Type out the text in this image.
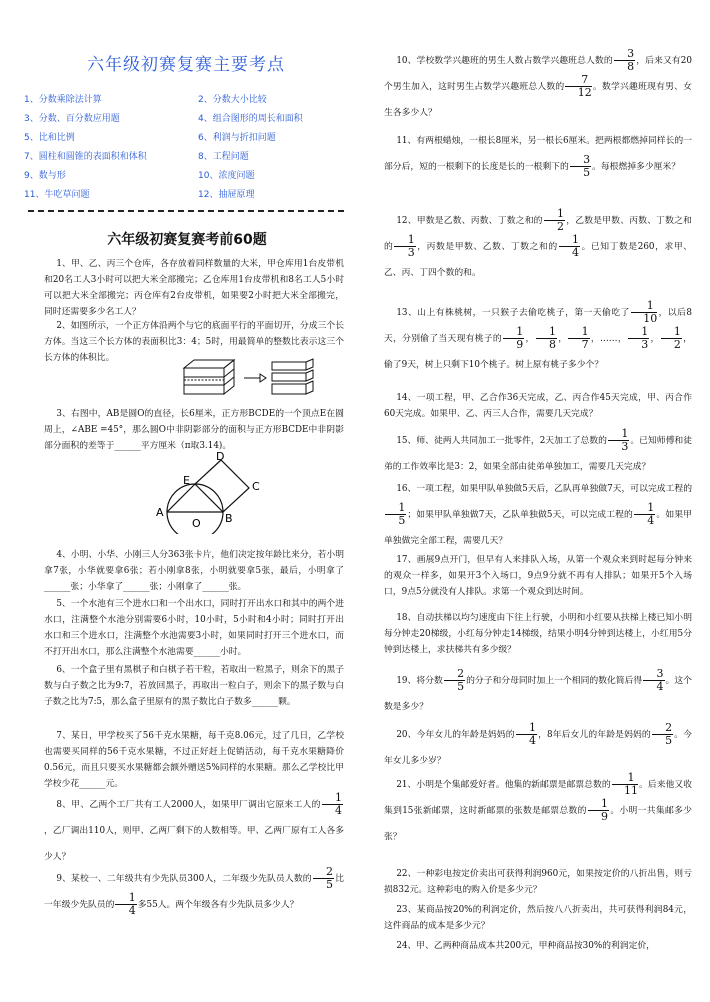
六年级初赛复赛主要考点
1、分数乘除法计算	2、分数大小比较
3、分数、百分数应用题	4、组合图形的周长和面积
5、比和比例	6、利润与折扣问题
7、圆柱和圆锥的表面积和体积	8、工程问题
9、数与形	10、浓度问题
11、牛吃草问题	12、抽屉原理
六年级初赛复赛考前60题
1、甲、乙、丙三个仓库，各存放着同样数量的大米，甲仓库用1台皮带机和20名工人3小时可以把大米全部搬完；乙仓库用1台皮带机和8名工人5小时可以把大米全部搬完；丙仓库有2台皮带机，如果要2小时把大米全部搬完，同时还需要多少名工人？
2、如图所示，一个正方体沿两个与它的底面平行的平面切开，分成三个长方体。当这三个长方体的表面积比3：4；5时，用最简单的整数比表示这三个长方体的体积比。
3、右图中，AB是圆O的直径，长6厘米，正方形BCDE的一个顶点E在圆周上，∠ABE =45°，那么圆O中非阴影部分的面积与正方形BCDE中非阴影部分面积的差等于______平方厘米（π取3.14)。
A	B
C
D
E
O
4、小明、小华、小刚三人分363张卡片，他们决定按年龄比来分，若小明拿7张，小华就要拿6张；若小刚拿8张，小明就要拿5张，最后，小明拿了______张；小华拿了______张；小刚拿了______张。
5、一个水池有三个进水口和一个出水口，同时打开出水口和其中的两个进水口，注满整个水池分别需要6小时，10小时，5小时和4小时；同时打开出水口和三个进水口，注满整个水池需要3小时，如果同时打开三个进水口，而不打开出水口，那么注满整个水池需要______小时。
6、一个盒子里有黑棋子和白棋子若干粒，若取出一粒黑子，则余下的黑子数与白子数之比为9:7，若放回黑子，再取出一粒白子，则余下的黑子数与白子数之比为7:5，那么盒子里原有的黑子数比白子数多______颗。
7、某日，甲学校买了56千克水果糖，每千克8.06元，过了几日，乙学校也需要买同样的56千克水果糖，不过正好赶上促销活动，每千克水果糖降价0.56元，而且只要买水果糖都会额外赠送5%同样的水果糖。那么乙学校比甲学校少花______元。
8、甲、乙两个工厂共有工人2000人，如果甲厂调出它原来工人的 $\frac{1}{4}$
，乙厂调出110人，则甲、乙两厂剩下的人数相等。甲、乙两厂原有工人各多少人？
9、某校一、二年级共有少先队员300人，二年级少先队员人数的 $\frac{2}{5}$ 比一年级少先队员的 $\frac{1}{4}$ 多55人。两个年级各有少先队员多少人？
10、学校数学兴趣班的男生人数占数学兴趣班总人数的 $\frac{3}{8}$ ，后来又有20个男生加入，这时男生占数学兴趣班总人数的 $\frac{7}{12}$ 。数学兴趣班现有男、女生各多少人？
11、有两根蜡烛，一根长8厘米，另一根长6厘米。把两根都燃掉同样长的一部分后，短的一根剩下的长度是长的一根剩下的 $\frac{3}{5}$ 。每根燃掉多少厘米？
12、甲数是乙数、丙数、丁数之和的 $\frac{1}{2}$ ，乙数是甲数、丙数、丁数之和的 $\frac{1}{3}$ ，丙数是甲数、乙数、丁数之和的 $\frac{1}{4}$ 。已知丁数是260，求甲、乙、丙、丁四个数的和。
13、山上有株桃树，一只猴子去偷吃桃子，第一天偷吃了 $\frac{1}{10}$ ，以后8天，分别偷了当天现有桃子的 $\frac{1}{9}$ ， $\frac{1}{8}$ ， $\frac{1}{7}$ ，……， $\frac{1}{3}$ ， $\frac{1}{2}$ ，偷了9天，树上只剩下10个桃子。树上原有桃子多少个？
14、一项工程，甲、乙合作36天完成，乙、丙合作45天完成，甲、丙合作60天完成。如果甲、乙、丙三人合作，需要几天完成？
15、师、徒两人共同加工一批零件，2天加工了总数的 $\frac{1}{3}$ 。已知师傅和徒弟的工作效率比是3：2，如果全部由徒弟单独加工，需要几天完成？
16、一项工程，如果甲队单独做5天后，乙队再单独做7天，可以完成工程的
$\frac{1}{5}$ ；如果甲队单独做7天，乙队单独做5天，可以完成工程的 $\frac{1}{4}$ 。如果甲单独做完全部工程，需要几天？
17、画展9点开门，但早有人来排队入场，从第一个观众来到时起每分钟来的观众一样多，如果开3个入场口，9点9分就不再有人排队；如果开5个入场口，9点5分就没有人排队。求第一个观众到达时间。
18、自动扶梯以均匀速度由下往上行驶，小明和小红要从扶梯上楼已知小明每分钟走20梯级，小红每分钟走14梯级，结果小明4分钟到达楼上，小红用5分钟到达楼上，求扶梯共有多少级？
19、将分数 $\frac{2}{5}$ 的分子和分母同时加上一个相同的数化简后得 $\frac{3}{4}$ 。这个数是多少？
20、今年女儿的年龄是妈妈的 $\frac{1}{4}$ ，8年后女儿的年龄是妈妈的 $\frac{2}{5}$ 。今年女儿多少岁？
21、小明是个集邮爱好者。他集的新邮票是邮票总数的 $\frac{1}{11}$ 。后来他又收集到15张新邮票，这时新邮票的张数是邮票总数的 $\frac{1}{9}$ 。小明一共集邮多少张？
22、一种彩电按定价卖出可获得利润960元，如果按定价的八折出售，则亏损832元。这种彩电的购入价是多少元？
23、某商品按20%的利润定价，然后按八八折卖出，共可获得利润84元，这件商品的成本是多少元？
24、甲、乙两种商品成本共200元，甲种商品按30%的利润定价，
